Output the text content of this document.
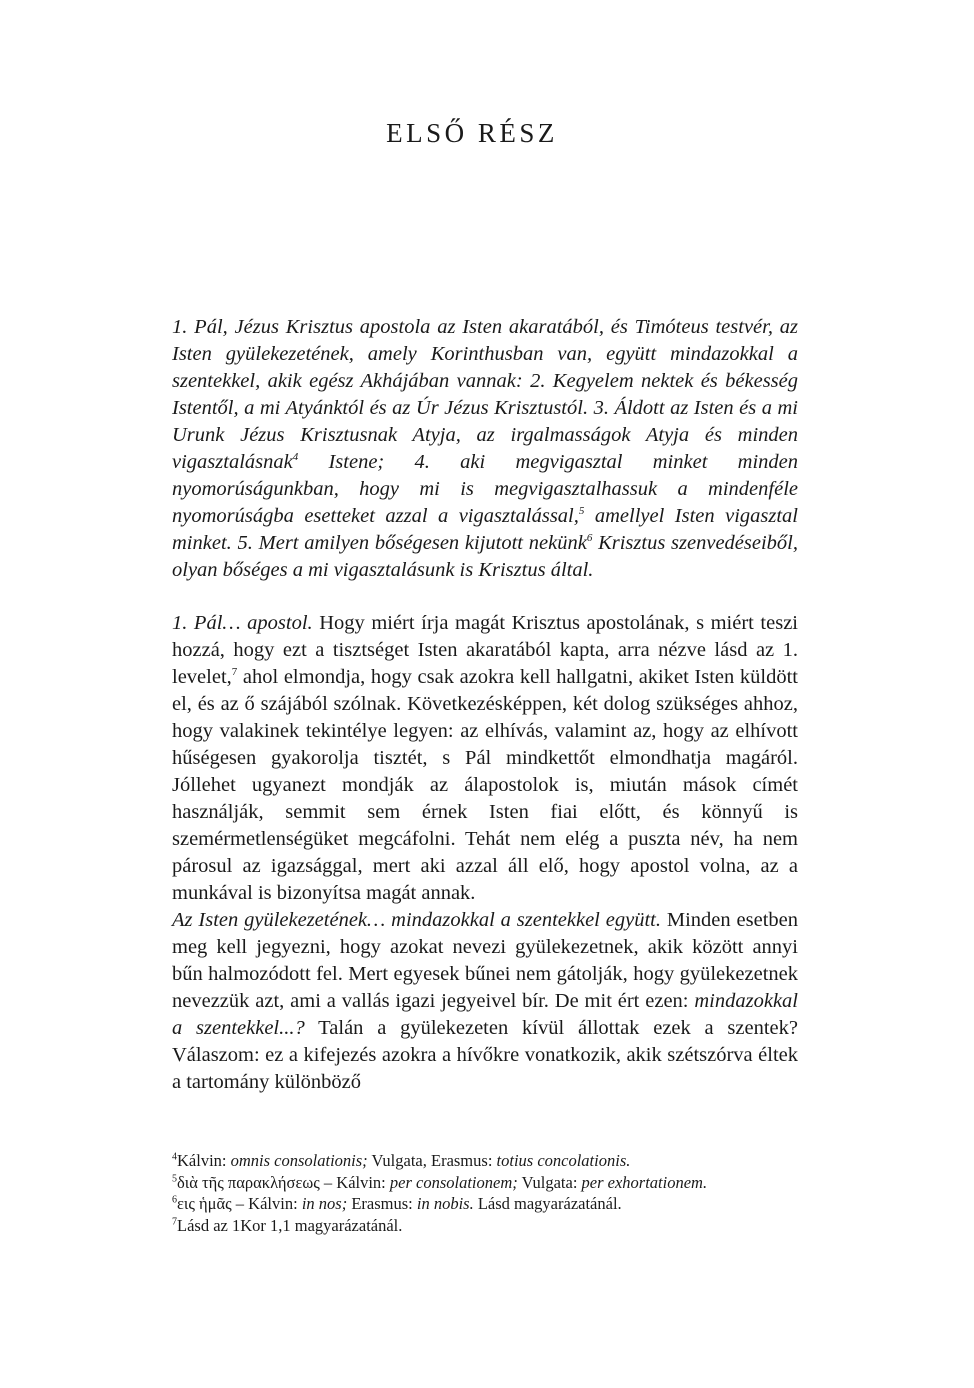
ELSŐ RÉSZ

1. Pál, Jézus Krisztus apostola az Isten akaratából, és Timóteus testvér, az Isten gyülekezetének, amely Korinthusban van, együtt mindazokkal a szentekkel, akik egész Akhájában vannak: 2. Kegyelem nektek és békesség Istentől, a mi Atyánktól és az Úr Jézus Krisztustól. 3. Áldott az Isten és a mi Urunk Jézus Krisztusnak Atyja, az irgalmasságok Atyja és minden vigasztalásnak$^4$ Istene; 4. aki megvigasztal minket minden nyomorúságunkban, hogy mi is megvigasztalhassuk a mindenféle nyomorúságba esetteket azzal a vigasztalással,$^5$ amellyel Isten vigasztal minket. 5. Mert amilyen bőségesen kijutott nekünk$^6$ Krisztus szenvedéseiből, olyan bőséges a mi vigasztalásunk is Krisztus által.

1. Pál… apostol. Hogy miért írja magát Krisztus apostolának, s miért teszi hozzá, hogy ezt a tisztséget Isten akaratából kapta, arra nézve lásd az 1. levelet,$^7$ ahol elmondja, hogy csak azokra kell hallgatni, akiket Isten küldött el, és az ő szájából szólnak. Következésképpen, két dolog szükséges ahhoz, hogy valakinek tekintélye legyen: az elhívás, valamint az, hogy az elhívott hűségesen gyakorolja tisztét, s Pál mindkettőt elmondhatja magáról. Jóllehet ugyanezt mondják az álapostolok is, miután mások címét használják, semmit sem érnek Isten fiai előtt, és könnyű is szemérmetlenségüket megcáfolni. Tehát nem elég a puszta név, ha nem párosul az igazsággal, mert aki azzal áll elő, hogy apostol volna, az a munkával is bizonyítsa magát annak.

Az Isten gyülekezetének… mindazokkal a szentekkel együtt. Minden esetben meg kell jegyezni, hogy azokat nevezi gyülekezetnek, akik között annyi bűn halmozódott fel. Mert egyesek bűnei nem gátolják, hogy gyülekezetnek nevezzük azt, ami a vallás igazi jegyeivel bír. De mit ért ezen: mindazokkal a szentekkel...? Talán a gyülekezeten kívül állottak ezek a szentek? Válaszom: ez a kifejezés azokra a hívőkre vonatkozik, akik szétszórva éltek a tartomány különböző

$^4$Kálvin: omnis consolationis; Vulgata, Erasmus: totius concolationis.

$^5$διὰ τῆς παρακλήσεως – Kálvin: per consolationem; Vulgata: per exhortationem.

$^6$εις ἡμᾶς – Kálvin: in nos; Erasmus: in nobis. Lásd magyarázatánál.

$^7$Lásd az 1Kor 1,1 magyarázatánál.
